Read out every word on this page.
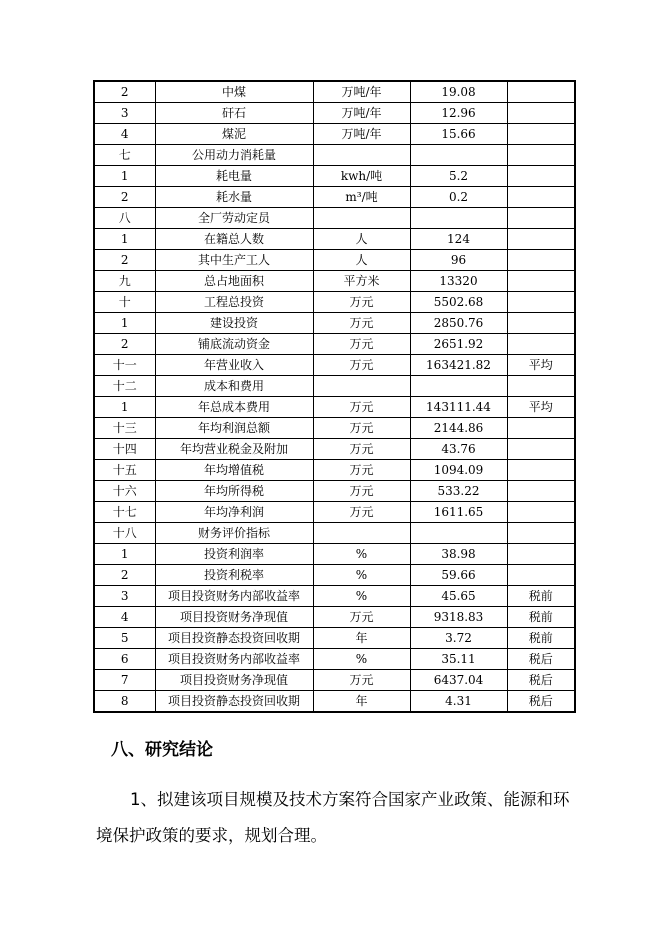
2	中煤	万吨/年	19.08	
3	矸石	万吨/年	12.96	
4	煤泥	万吨/年	15.66	
七	公用动力消耗量			
1	耗电量	kwh/吨	5.2	
2	耗水量	m³/吨	0.2	
八	全厂劳动定员			
1	在籍总人数	人	124	
2	其中生产工人	人	96	
九	总占地面积	平方米	13320	
十	工程总投资	万元	5502.68	
1	建设投资	万元	2850.76	
2	铺底流动资金	万元	2651.92	
十一	年营业收入	万元	163421.82	平均
十二	成本和费用			
1	年总成本费用	万元	143111.44	平均
十三	年均利润总额	万元	2144.86	
十四	年均营业税金及附加	万元	43.76	
十五	年均增值税	万元	1094.09	
十六	年均所得税	万元	533.22	
十七	年均净利润	万元	1611.65	
十八	财务评价指标			
1	投资利润率	%	38.98	
2	投资利税率	%	59.66	
3	项目投资财务内部收益率	%	45.65	税前
4	项目投资财务净现值	万元	9318.83	税前
5	项目投资静态投资回收期	年	3.72	税前
6	项目投资财务内部收益率	%	35.11	税后
7	项目投资财务净现值	万元	6437.04	税后
8	项目投资静态投资回收期	年	4.31	税后
八、研究结论
1、拟建该项目规模及技术方案符合国家产业政策、能源和环境保护政策的要求，规划合理。
